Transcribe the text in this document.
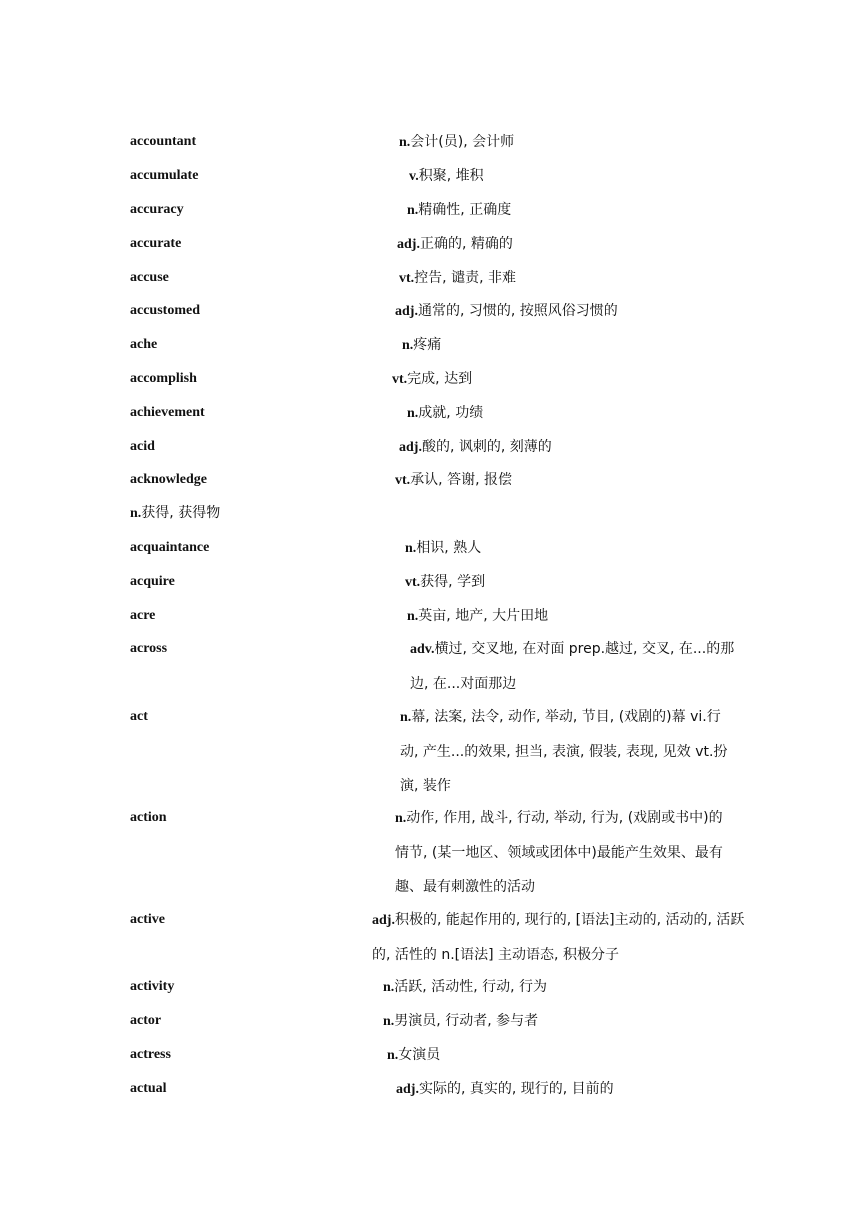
accountant	n.会计(员), 会计师
accumulate	v.积聚, 堆积
accuracy	n.精确性, 正确度
accurate	adj.正确的, 精确的
accuse	vt.控告, 谴责, 非难
accustomed	adj.通常的, 习惯的, 按照风俗习惯的
ache	n.疼痛
accomplish	vt.完成, 达到
achievement	n.成就, 功绩
acid	adj.酸的, 讽刺的, 刻薄的
acknowledge	vt.承认, 答谢, 报偿
n.获得, 获得物
acquaintance	n.相识, 熟人
acquire	vt.获得, 学到
acre	n.英亩, 地产, 大片田地
across	adv.横过, 交叉地, 在对面 prep.越过, 交叉, 在...的那边, 在...对面那边
act	n.幕, 法案, 法令, 动作, 举动, 节目, (戏剧的)幕 vi.行动, 产生...的效果, 担当, 表演, 假装, 表现, 见效 vt.扮演, 装作
action	n.动作, 作用, 战斗, 行动, 举动, 行为, (戏剧或书中)的情节, (某一地区、领域或团体中)最能产生效果、最有趣、最有刺激性的活动
active	adj.积极的, 能起作用的, 现行的, [语法]主动的, 活动的, 活跃的, 活性的 n.[语法] 主动语态, 积极分子
activity	n.活跃, 活动性, 行动, 行为
actor	n.男演员, 行动者, 参与者
actress	n.女演员
actual	adj.实际的, 真实的, 现行的, 目前的
